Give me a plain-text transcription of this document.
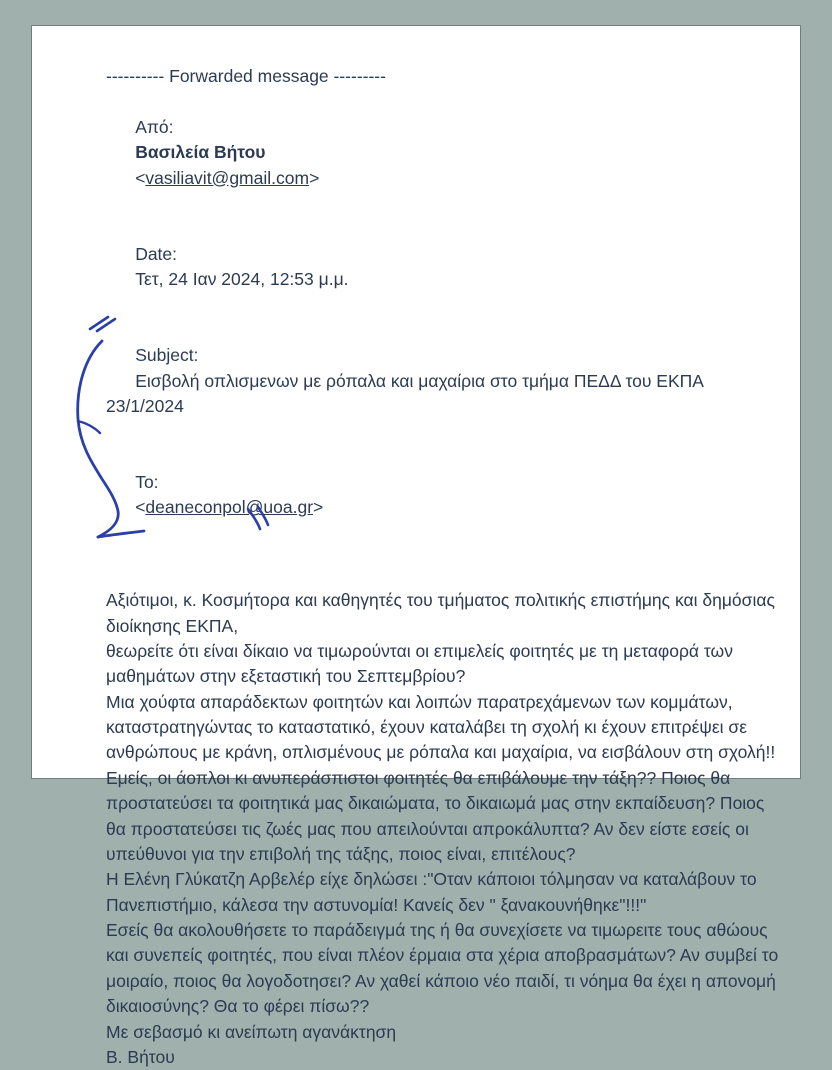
---------- Forwarded message ---------

Από:
Βασιλεία Βήτου
<vasiliavit@gmail.com>

Date:
Τετ, 24 Ιαν 2024, 12:53 μ.μ.

Subject:
Εισβολή οπλισμενων με ρόπαλα και μαχαίρια στο τμήμα ΠΕΔΔ του ΕΚΠΑ 23/1/2024

To:
<deaneconpol@uoa.gr>

Αξιότιμοι, κ. Κοσμήτορα και καθηγητές του τμήματος πολιτικής επιστήμης και δημόσιας διοίκησης ΕΚΠΑ,

θεωρείτε ότι είναι δίκαιο να τιμωρούνται οι επιμελείς φοιτητές με τη μεταφορά των μαθημάτων στην εξεταστική του Σεπτεμβρίου?

Μια χούφτα απαράδεκτων φοιτητών και λοιπών παρατρεχάμενων των κομμάτων, καταστρατηγώντας το καταστατικό, έχουν καταλάβει τη σχολή κι έχουν επιτρέψει σε ανθρώπους με κράνη, οπλισμένους με ρόπαλα και μαχαίρια, να εισβάλουν στη σχολή!!

Εμείς, οι άοπλοι κι ανυπεράσπιστοι φοιτητές θα επιβάλουμε την τάξη?? Ποιος θα προστατεύσει τα φοιτητικά μας δικαιώματα, το δικαιωμά μας στην εκπαίδευση? Ποιος θα προστατεύσει τις ζωές μας που απειλούνται απροκάλυπτα? Αν δεν είστε εσείς οι υπεύθυνοι για την επιβολή της τάξης, ποιος είναι, επιτέλους?

Η Ελένη Γλύκατζη Αρβελέρ είχε δηλώσει :"Οταν κάποιοι τόλμησαν να καταλάβουν το Πανεπιστήμιο, κάλεσα την αστυνομία! Κανείς δεν " ξανακουνήθηκε"!!!"

Εσείς θα ακολουθήσετε το παράδειγμά της ή θα συνεχίσετε να τιμωρειτε τους αθώους και συνεπείς φοιτητές, που είναι πλέον έρμαια στα χέρια αποβρασμάτων? Αν συμβεί το μοιραίο, ποιος θα λογοδοτησει? Αν χαθεί κάποιο νέο παιδί, τι νόημα θα έχει η απονομή δικαιοσύνης? Θα το φέρει πίσω??

Με σεβασμό κι ανείπωτη αγανάκτηση

Β. Βήτου
